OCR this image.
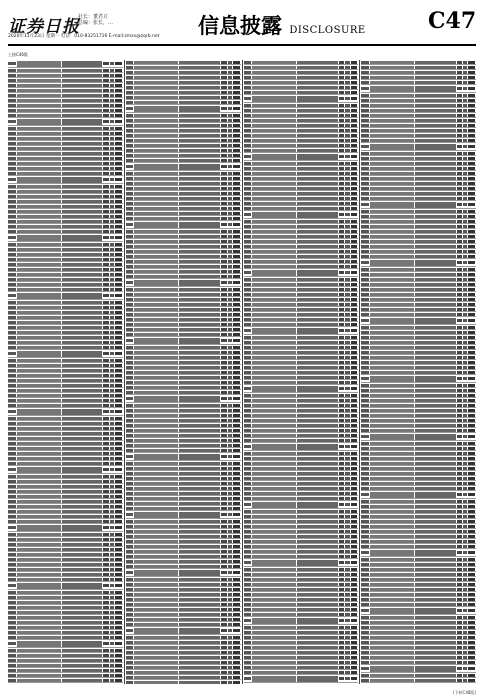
证券日报
社长：董君豆
总编：张长，…
2020年11月23日 星期一 电话：010-83251716 E-mail:zmzx@zqrb.net 信息披露 DISCLOSURE	C47
上接C46版
(下转C48版)
